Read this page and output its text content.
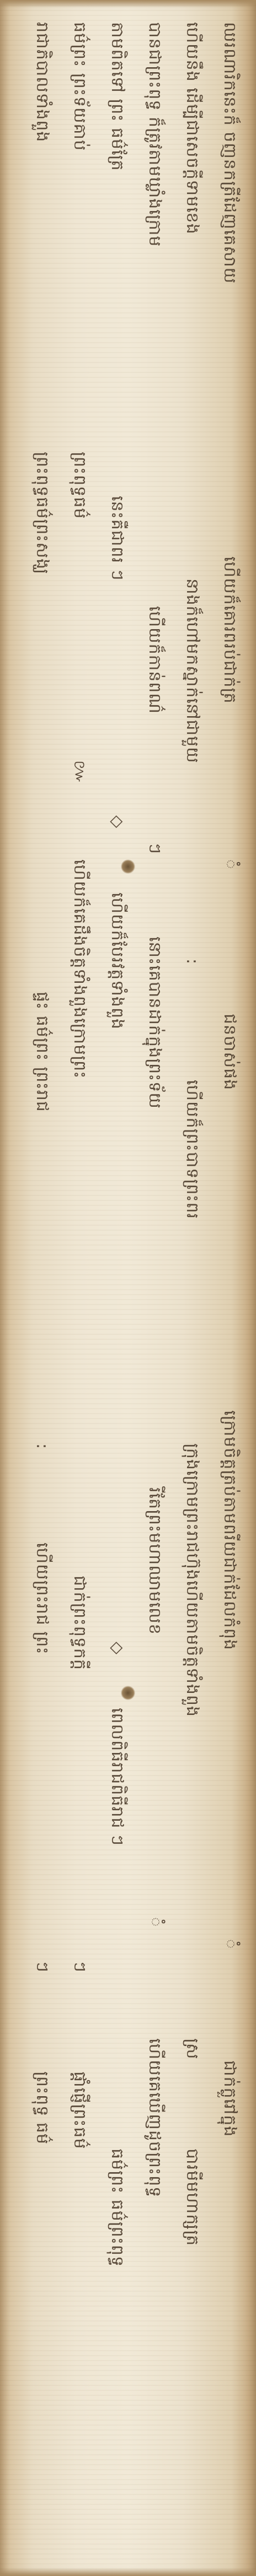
ឈរណារិកនេះក៏ ចញនកត្រីដែញគេសាយ
ហើយក៏គោរពរប់ជាក់ត្រ
ំ
ជនចាស់ផង
ក្រោមចិត្តត្រប់តាមពរីយជាក់ដែលកំពុង
ំ
ជាក់ក្លួរៅក្នុង
ហើយនឹង ដើម្បីជាសេចក្តីទាមខេង
នាងក៏ហៅមកស្នាក់នៅជាមួយ
:
ហើយក៏ព្រះបាទព្រះពរ
ក្រុងក្រោមព្រះរាជហ៊ុងហើយតាមចិត្តទាំងពួង
ស្រ
បារមីមហាក្សត្រ
បានជាព្រះពុទ្ធ ក៏ត្រូវតាមឃ្លាំងក្រោម
ហើយក៏កាន់ពណ៌
ៗ
នោះគេបានដាក់ក្នុងព្រះទ័យ
រីតែព្រះមហាឈាមលេខ
ំ
ហើយគេឃើញដូចព្រះពុទ្ធ
តាមពិតទៅ ព្រះ ធម៌ត្រែ
នេះគឺជាពរ ៗ
◇
ហើយក៏បែរវត្តទាំងពួង
◇
ពេលពិធីរាជពិធីរាជ ៗ
ធម៌ព្រះ ធម៌ព្រះពុទ្ធ
ធម៌ព្រះ ព្រះទ័យគាប់
ព្រះពុទ្ធធម៌
៚
ហើយក៏គេដឹងចិត្តទាំងពួងក្រោមព្រះ
ជាក់ព្រះពុទ្ធកក្តី
ៗ
ផ្តាំផ្ញើព្រះធម៌
រាជាភិបាលទាំងពួង
ព្រះពុទ្ធធម៌ព្រះសង្ឃ
ផ្ទះ ធម៌ព្រះ ព្រះរាជ
:
ហើយព្រះរាជ ព្រះ
ៗ
ព្រះពុទ្ធ ធម៌
